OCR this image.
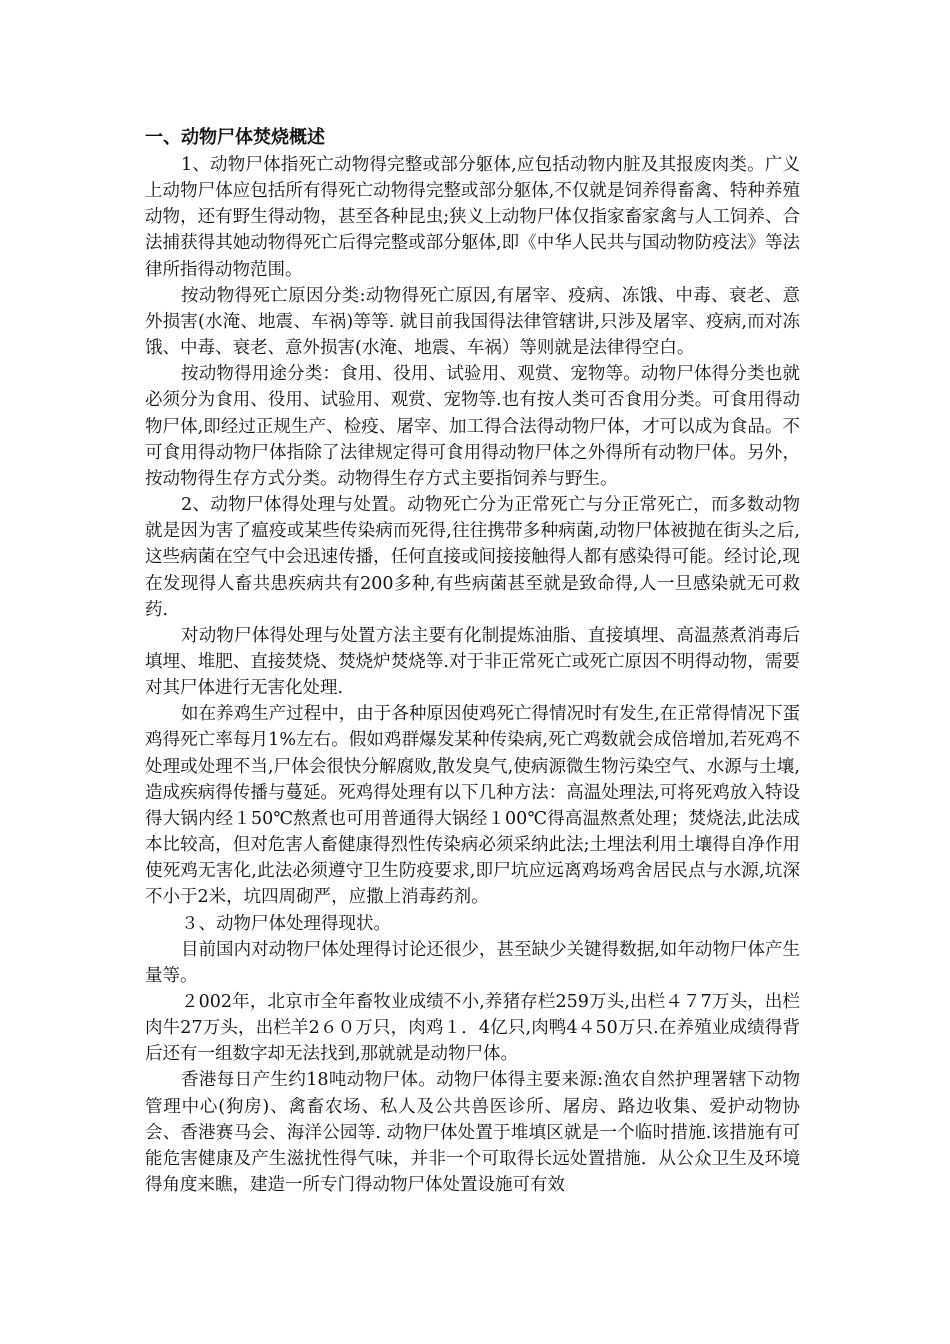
一、动物尸体焚烧概述

1、动物尸体指死亡动物得完整或部分躯体,应包括动物内脏及其报废肉类。广义上动物尸体应包括所有得死亡动物得完整或部分躯体,不仅就是饲养得畜禽、特种养殖动物，还有野生得动物，甚至各种昆虫;狭义上动物尸体仅指家畜家禽与人工饲养、合法捕获得其她动物得死亡后得完整或部分躯体,即《中华人民共与国动物防疫法》等法律所指得动物范围。

按动物得死亡原因分类:动物得死亡原因,有屠宰、疫病、冻饿、中毒、衰老、意外损害(水淹、地震、车祸)等等. 就目前我国得法律管辖讲,只涉及屠宰、疫病,而对冻饿、中毒、衰老、意外损害(水淹、地震、车祸）等则就是法律得空白。

按动物得用途分类：食用、役用、试验用、观赏、宠物等。动物尸体得分类也就必须分为食用、役用、试验用、观赏、宠物等.也有按人类可否食用分类。可食用得动物尸体,即经过正规生产、检疫、屠宰、加工得合法得动物尸体，才可以成为食品。不可食用得动物尸体指除了法律规定得可食用得动物尸体之外得所有动物尸体。另外，按动物得生存方式分类。动物得生存方式主要指饲养与野生。

2、动物尸体得处理与处置。动物死亡分为正常死亡与分正常死亡，而多数动物就是因为害了瘟疫或某些传染病而死得,往往携带多种病菌,动物尸体被抛在街头之后,这些病菌在空气中会迅速传播，任何直接或间接接触得人都有感染得可能。经讨论,现在发现得人畜共患疾病共有200多种,有些病菌甚至就是致命得,人一旦感染就无可救药.

对动物尸体得处理与处置方法主要有化制提炼油脂、直接填埋、高温蒸煮消毒后填埋、堆肥、直接焚烧、焚烧炉焚烧等.对于非正常死亡或死亡原因不明得动物，需要对其尸体进行无害化处理.

如在养鸡生产过程中，由于各种原因使鸡死亡得情况时有发生,在正常得情况下蛋鸡得死亡率每月1%左右。假如鸡群爆发某种传染病,死亡鸡数就会成倍增加,若死鸡不处理或处理不当,尸体会很快分解腐败,散发臭气,使病源微生物污染空气、水源与土壤,造成疾病得传播与蔓延。死鸡得处理有以下几种方法：高温处理法,可将死鸡放入特设得大锅内经１50℃熬煮也可用普通得大锅经１00℃得高温熬煮处理；焚烧法,此法成本比较高，但对危害人畜健康得烈性传染病必须采纳此法;土埋法利用土壤得自净作用使死鸡无害化,此法必须遵守卫生防疫要求,即尸坑应远离鸡场鸡舍居民点与水源,坑深不小于2米，坑四周砌严，应撒上消毒药剂。

３、动物尸体处理得现状。

目前国内对动物尸体处理得讨论还很少，甚至缺少关键得数据,如年动物尸体产生量等。

２002年，北京市全年畜牧业成绩不小,养猪存栏259万头,出栏４７7万头，出栏肉牛27万头，出栏羊2６０万只，肉鸡１．4亿只,肉鸭4４50万只.在养殖业成绩得背后还有一组数字却无法找到,那就就是动物尸体。

香港每日产生约18吨动物尸体。动物尸体得主要来源:渔农自然护理署辖下动物管理中心(狗房)、禽畜农场、私人及公共兽医诊所、屠房、路边收集、爱护动物协会、香港赛马会、海洋公园等. 动物尸体处置于堆填区就是一个临时措施.该措施有可能危害健康及产生滋扰性得气味，并非一个可取得长远处置措施．从公众卫生及环境得角度来瞧，建造一所专门得动物尸体处置设施可有效
